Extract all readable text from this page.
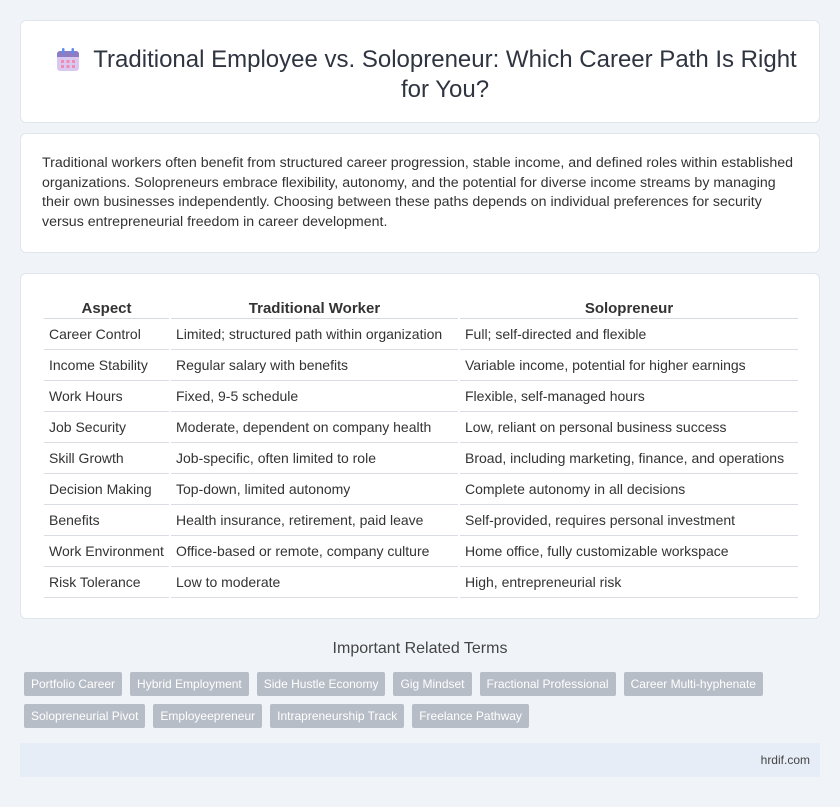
Traditional Employee vs. Solopreneur: Which Career Path Is Right for You?

Traditional workers often benefit from structured career progression, stable income, and defined roles within established organizations. Solopreneurs embrace flexibility, autonomy, and the potential for diverse income streams by managing their own businesses independently. Choosing between these paths depends on individual preferences for security versus entrepreneurial freedom in career development.

Aspect	Traditional Worker	Solopreneur
Career Control	Limited; structured path within organization	Full; self-directed and flexible
Income Stability	Regular salary with benefits	Variable income, potential for higher earnings
Work Hours	Fixed, 9-5 schedule	Flexible, self-managed hours
Job Security	Moderate, dependent on company health	Low, reliant on personal business success
Skill Growth	Job-specific, often limited to role	Broad, including marketing, finance, and operations
Decision Making	Top-down, limited autonomy	Complete autonomy in all decisions
Benefits	Health insurance, retirement, paid leave	Self-provided, requires personal investment
Work Environment	Office-based or remote, company culture	Home office, fully customizable workspace
Risk Tolerance	Low to moderate	High, entrepreneurial risk
Important Related Terms
Portfolio Career	Hybrid Employment	Side Hustle Economy	Gig Mindset	Fractional Professional	Career Multi-hyphenate
Solopreneurial Pivot	Employeepreneur	Intrapreneurship Track	Freelance Pathway
hrdif.com
